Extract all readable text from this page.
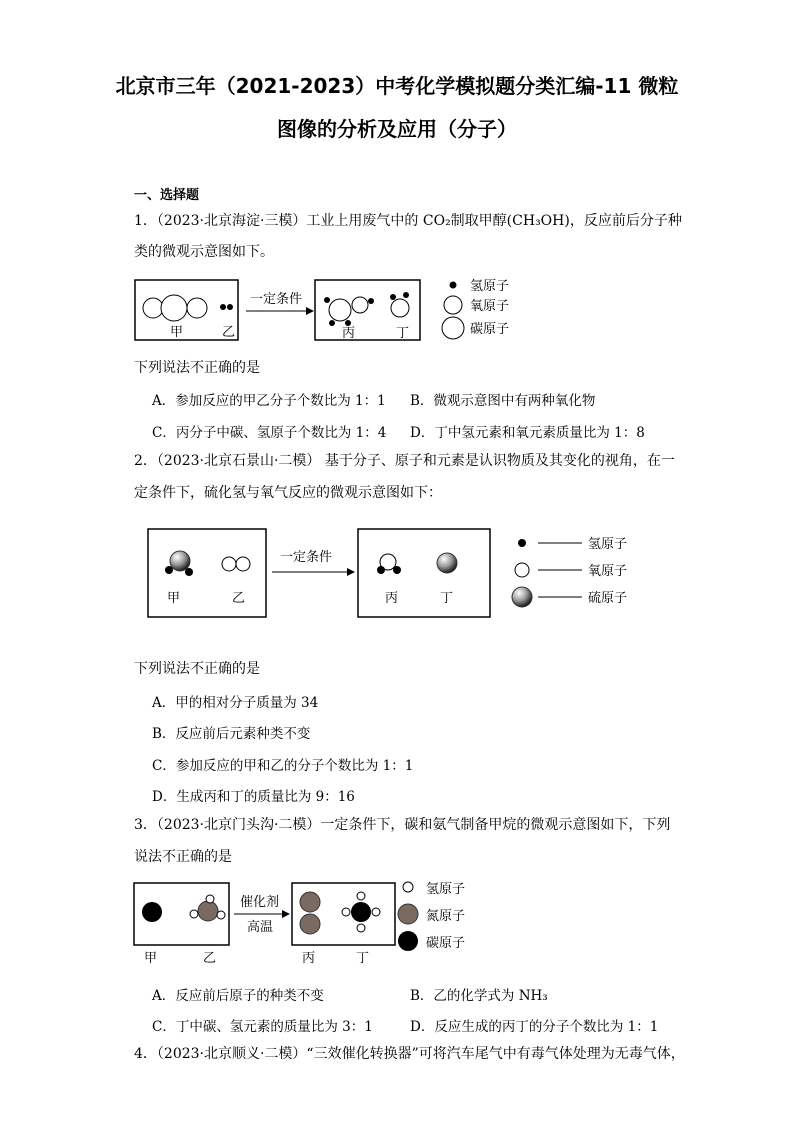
北京市三年（2021-2023）中考化学模拟题分类汇编-11 微粒
图像的分析及应用（分子）
一、选择题
1．（2023·北京海淀·三模）工业上用废气中的 CO₂制取甲醇(CH₃OH)，反应前后分子种
类的微观示意图如下。
甲	乙
一定条件
丙	丁
氢原子
氧原子
碳原子
下列说法不正确的是
A．参加反应的甲乙分子个数比为 1：1 B．微观示意图中有两种氧化物
C．丙分子中碳、氢原子个数比为 1：4 D．丁中氢元素和氧元素质量比为 1：8
2．（2023·北京石景山·二模） 基于分子、原子和元素是认识物质及其变化的视角，在一
定条件下，硫化氢与氧气反应的微观示意图如下：
甲	乙
一定条件
丙	丁
氢原子
氧原子
硫原子
下列说法不正确的是
A．甲的相对分子质量为 34
B．反应前后元素种类不变
C．参加反应的甲和乙的分子个数比为 1：1
D．生成丙和丁的质量比为 9：16
3．（2023·北京门头沟·二模）一定条件下，碳和氨气制备甲烷的微观示意图如下，下列
说法不正确的是
甲	乙
催化剂
高温
丙	丁
氢原子
氮原子
碳原子
A．反应前后原子的种类不变	B．乙的化学式为 NH₃
C．丁中碳、氢元素的质量比为 3：1	D．反应生成的丙丁的分子个数比为 1：1
4．（2023·北京顺义·二模）“三效催化转换器”可将汽车尾气中有毒气体处理为无毒气体，
